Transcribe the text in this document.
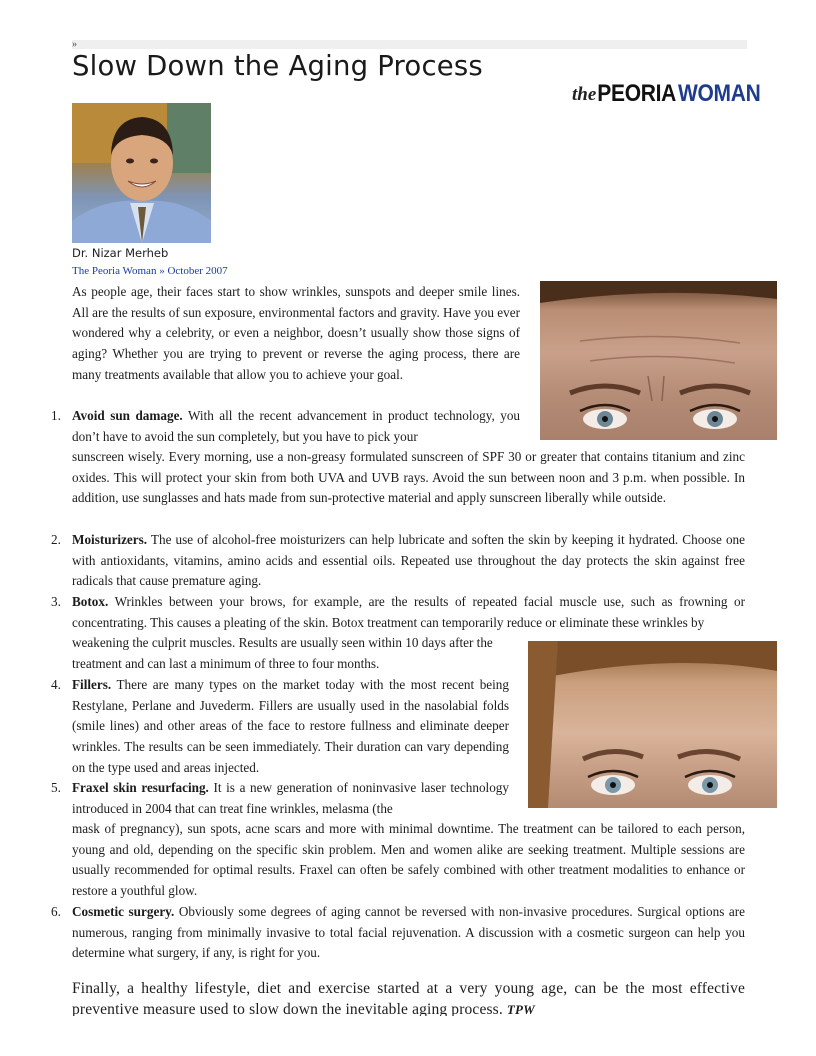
»
Slow Down the Aging Process
thePEORIAWOMAN
Dr. Nizar Merheb
The Peoria Woman » October 2007
As people age, their faces start to show wrinkles, sunspots and deeper smile lines. All are the results of sun exposure, environmental factors and gravity. Have you ever wondered why a celebrity, or even a neighbor, doesn’t usually show those signs of aging? Whether you are trying to prevent or reverse the aging process, there are many treatments available that allow you to achieve your goal.
1. Avoid sun damage. With all the recent advancement in product technology, you don’t have to avoid the sun completely, but you have to pick your
sunscreen wisely. Every morning, use a non-greasy formulated sunscreen of SPF 30 or greater that contains titanium and zinc oxides. This will protect your skin from both UVA and UVB rays. Avoid the sun between noon and 3 p.m. when possible. In addition, use sunglasses and hats made from sun-protective material and apply sunscreen liberally while outside.
2. Moisturizers. The use of alcohol-free moisturizers can help lubricate and soften the skin by keeping it hydrated. Choose one with antioxidants, vitamins, amino acids and essential oils. Repeated use throughout the day protects the skin against free radicals that cause premature aging.
3. Botox. Wrinkles between your brows, for example, are the results of repeated facial muscle use, such as frowning or concentrating. This causes a pleating of the skin. Botox treatment can temporarily reduce or eliminate these wrinkles by
weakening the culprit muscles. Results are usually seen within 10 days after the treatment and can last a minimum of three to four months.
4. Fillers. There are many types on the market today with the most recent being Restylane, Perlane and Juvederm. Fillers are usually used in the nasolabial folds (smile lines) and other areas of the face to restore fullness and eliminate deeper wrinkles. The results can be seen immediately. Their duration can vary depending on the type used and areas injected.
5. Fraxel skin resurfacing. It is a new generation of noninvasive laser technology introduced in 2004 that can treat fine wrinkles, melasma (the
mask of pregnancy), sun spots, acne scars and more with minimal downtime. The treatment can be tailored to each person, young and old, depending on the specific skin problem. Men and women alike are seeking treatment. Multiple sessions are usually recommended for optimal results. Fraxel can often be safely combined with other treatment modalities to enhance or restore a youthful glow.
6. Cosmetic surgery. Obviously some degrees of aging cannot be reversed with non-invasive procedures. Surgical options are numerous, ranging from minimally invasive to total facial rejuvenation. A discussion with a cosmetic surgeon can help you determine what surgery, if any, is right for you.
Finally, a healthy lifestyle, diet and exercise started at a very young age, can be the most effective preventive measure used to slow down the inevitable aging process. TPW
